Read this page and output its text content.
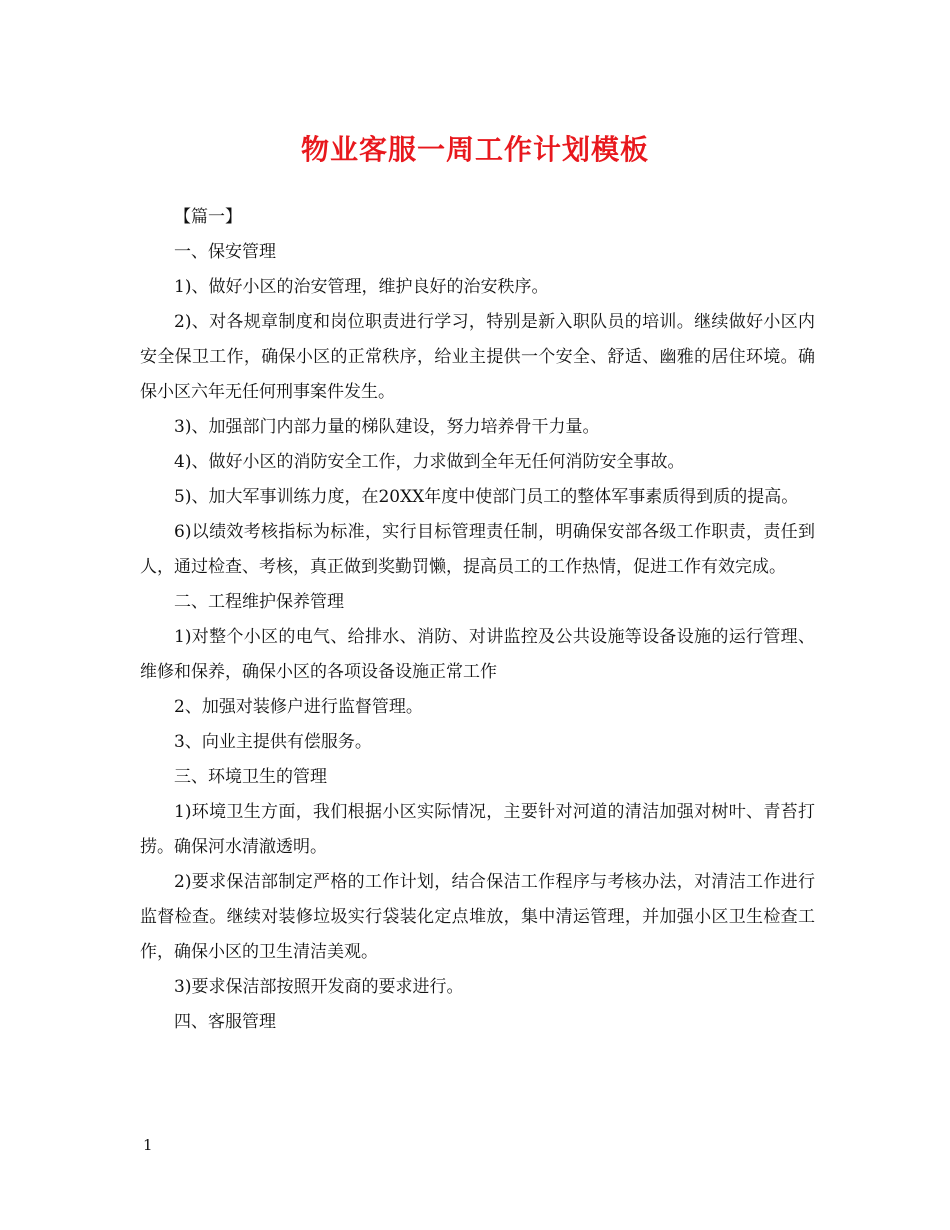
物业客服一周工作计划模板

【篇一】

一、保安管理

1)、做好小区的治安管理，维护良好的治安秩序。

2)、对各规章制度和岗位职责进行学习，特别是新入职队员的培训。继续做好小区内安全保卫工作，确保小区的正常秩序，给业主提供一个安全、舒适、幽雅的居住环境。确保小区六年无任何刑事案件发生。

3)、加强部门内部力量的梯队建设，努力培养骨干力量。

4)、做好小区的消防安全工作，力求做到全年无任何消防安全事故。

5)、加大军事训练力度，在20XX年度中使部门员工的整体军事素质得到质的提高。

6)以绩效考核指标为标准，实行目标管理责任制，明确保安部各级工作职责，责任到人，通过检查、考核，真正做到奖勤罚懒，提高员工的工作热情，促进工作有效完成。

二、工程维护保养管理

1)对整个小区的电气、给排水、消防、对讲监控及公共设施等设备设施的运行管理、维修和保养，确保小区的各项设备设施正常工作

2、加强对装修户进行监督管理。

3、向业主提供有偿服务。

三、环境卫生的管理

1)环境卫生方面，我们根据小区实际情况，主要针对河道的清洁加强对树叶、青苔打捞。确保河水清澈透明。

2)要求保洁部制定严格的工作计划，结合保洁工作程序与考核办法，对清洁工作进行监督检查。继续对装修垃圾实行袋装化定点堆放，集中清运管理，并加强小区卫生检查工作，确保小区的卫生清洁美观。

3)要求保洁部按照开发商的要求进行。

四、客服管理

1
